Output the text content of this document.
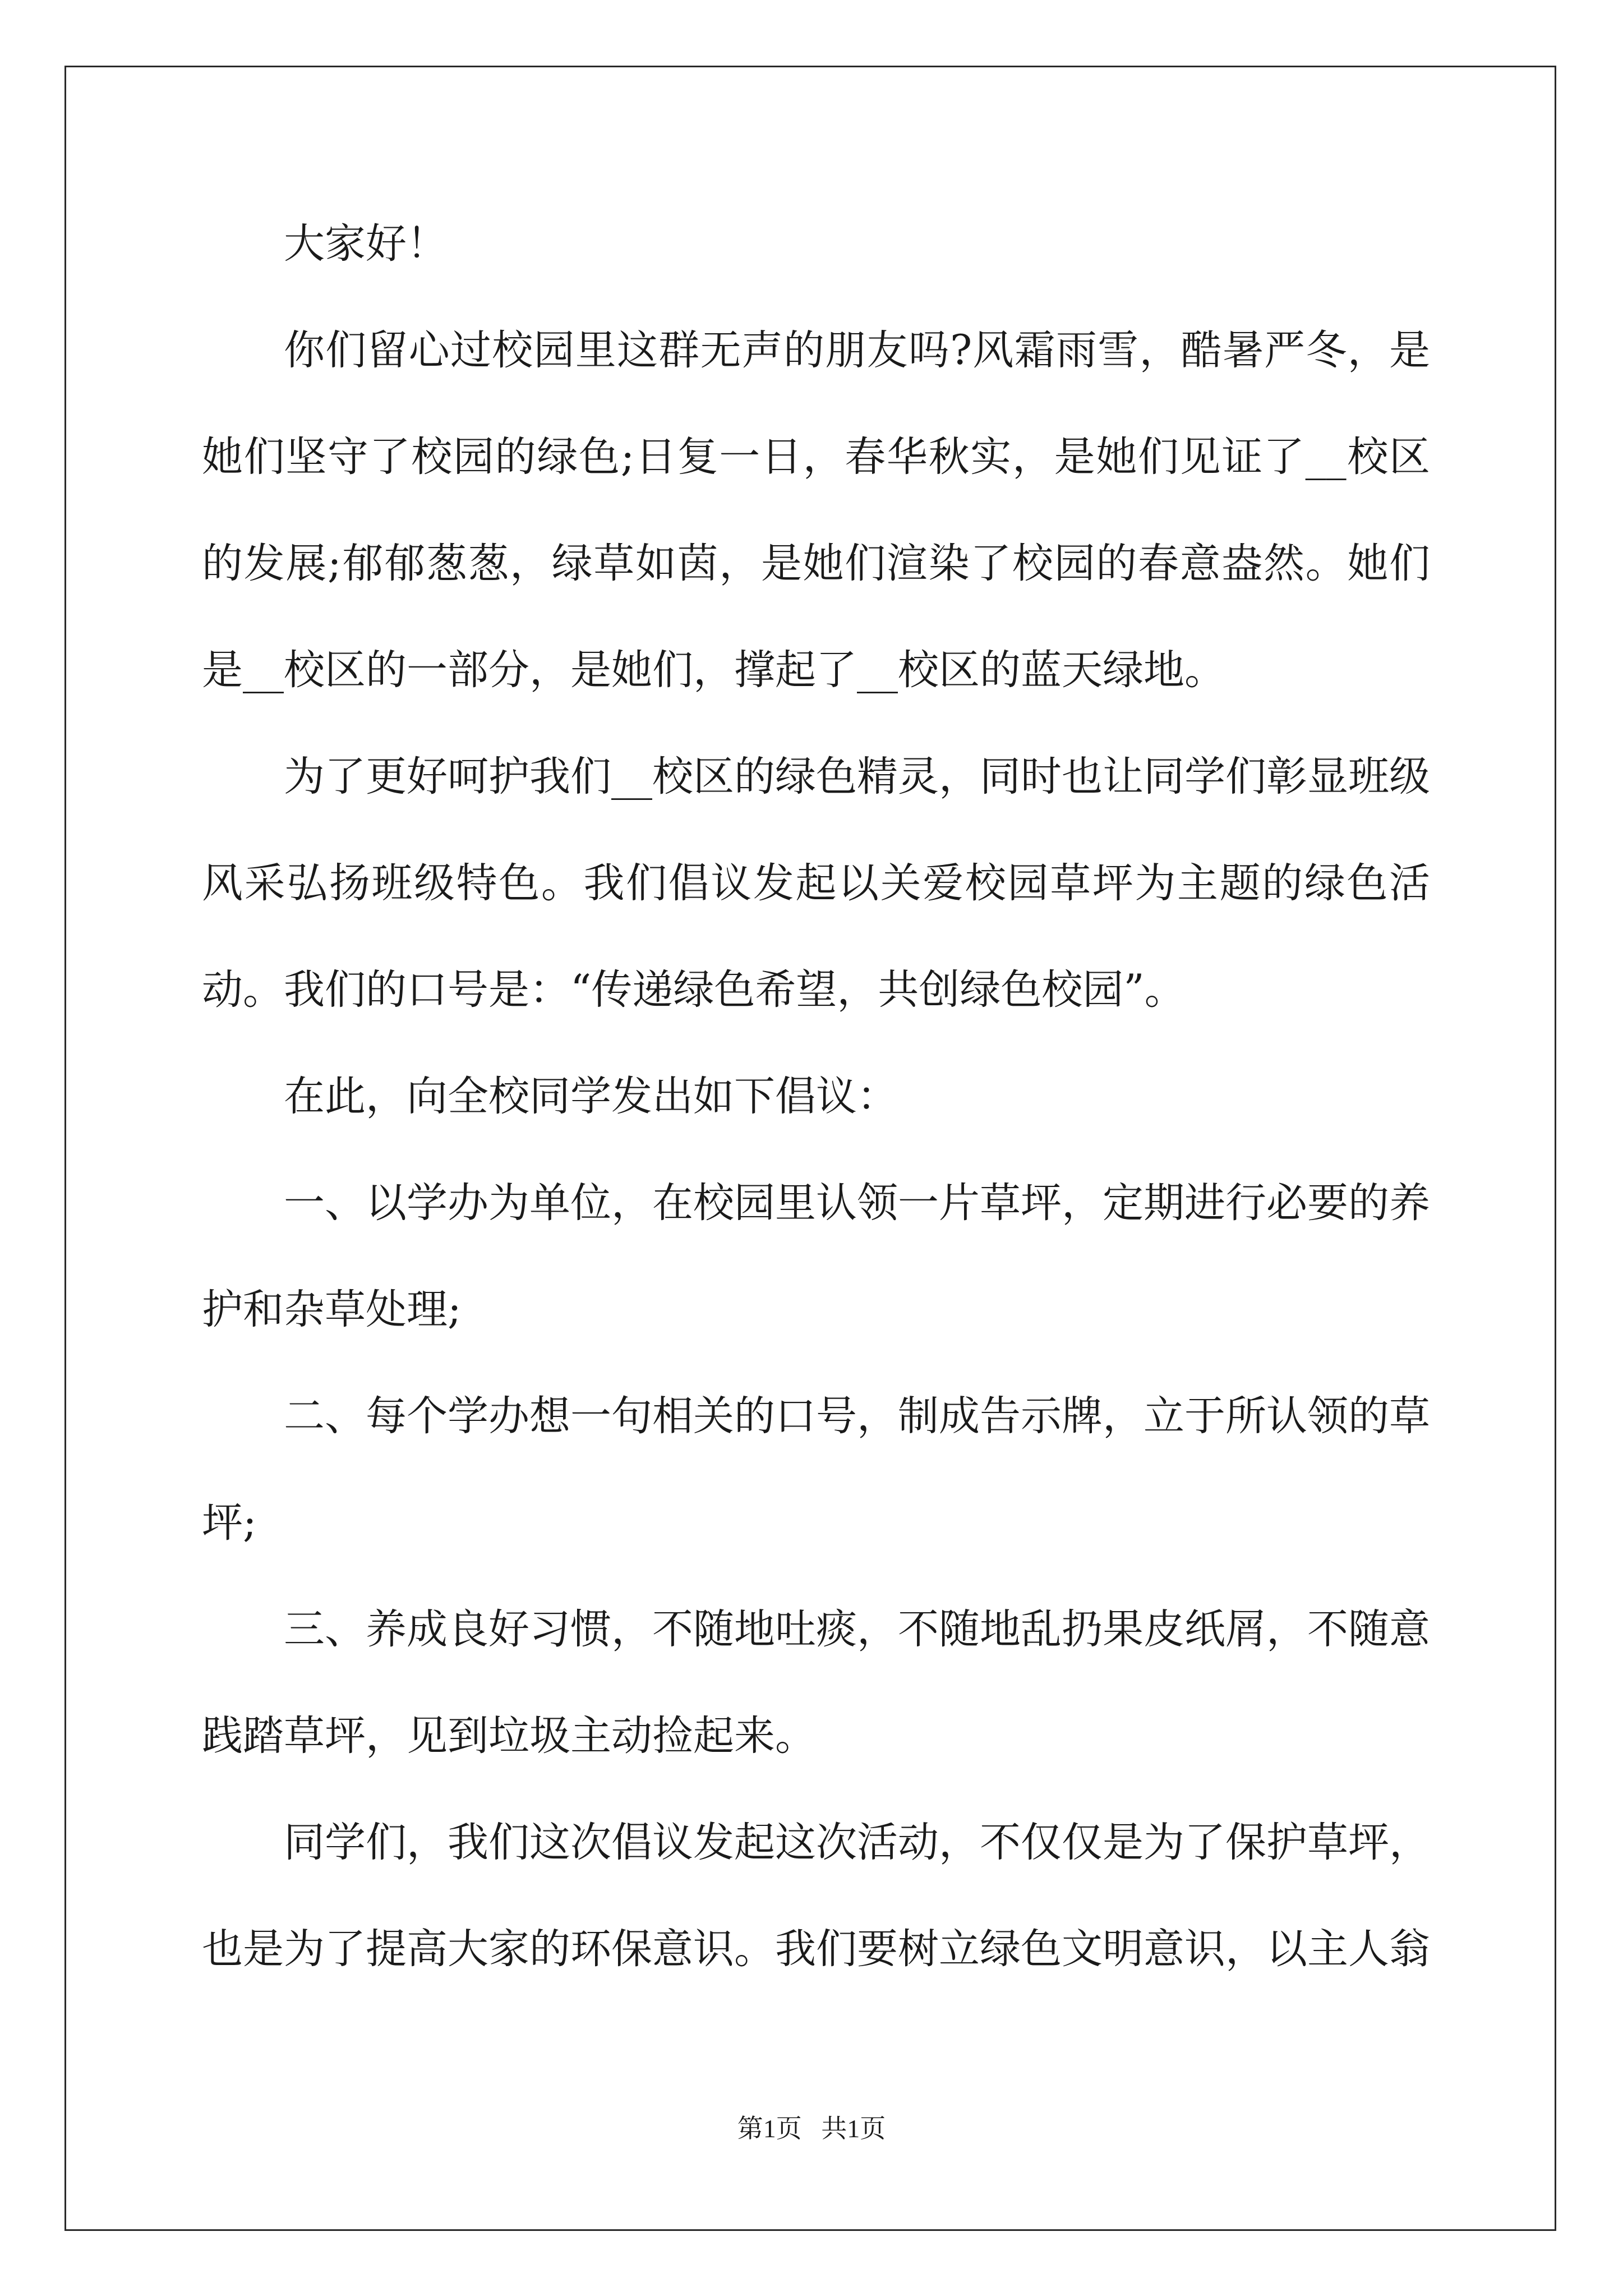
大家好！

你们留心过校园里这群无声的朋友吗?风霜雨雪，酷暑严冬，是她们坚守了校园的绿色;日复一日，春华秋实，是她们见证了__校区的发展;郁郁葱葱，绿草如茵，是她们渲染了校园的春意盎然。她们是__校区的一部分，是她们，撑起了__校区的蓝天绿地。

为了更好呵护我们__校区的绿色精灵，同时也让同学们彰显班级风采弘扬班级特色。我们倡议发起以关爱校园草坪为主题的绿色活动。我们的口号是：“传递绿色希望，共创绿色校园”。

在此，向全校同学发出如下倡议：

一、以学办为单位，在校园里认领一片草坪，定期进行必要的养护和杂草处理;

二、每个学办想一句相关的口号，制成告示牌，立于所认领的草坪;

三、养成良好习惯，不随地吐痰，不随地乱扔果皮纸屑，不随意践踏草坪，见到垃圾主动捡起来。

同学们，我们这次倡议发起这次活动，不仅仅是为了保护草坪，也是为了提高大家的环保意识。我们要树立绿色文明意识，以主人翁

第1页   共1页
